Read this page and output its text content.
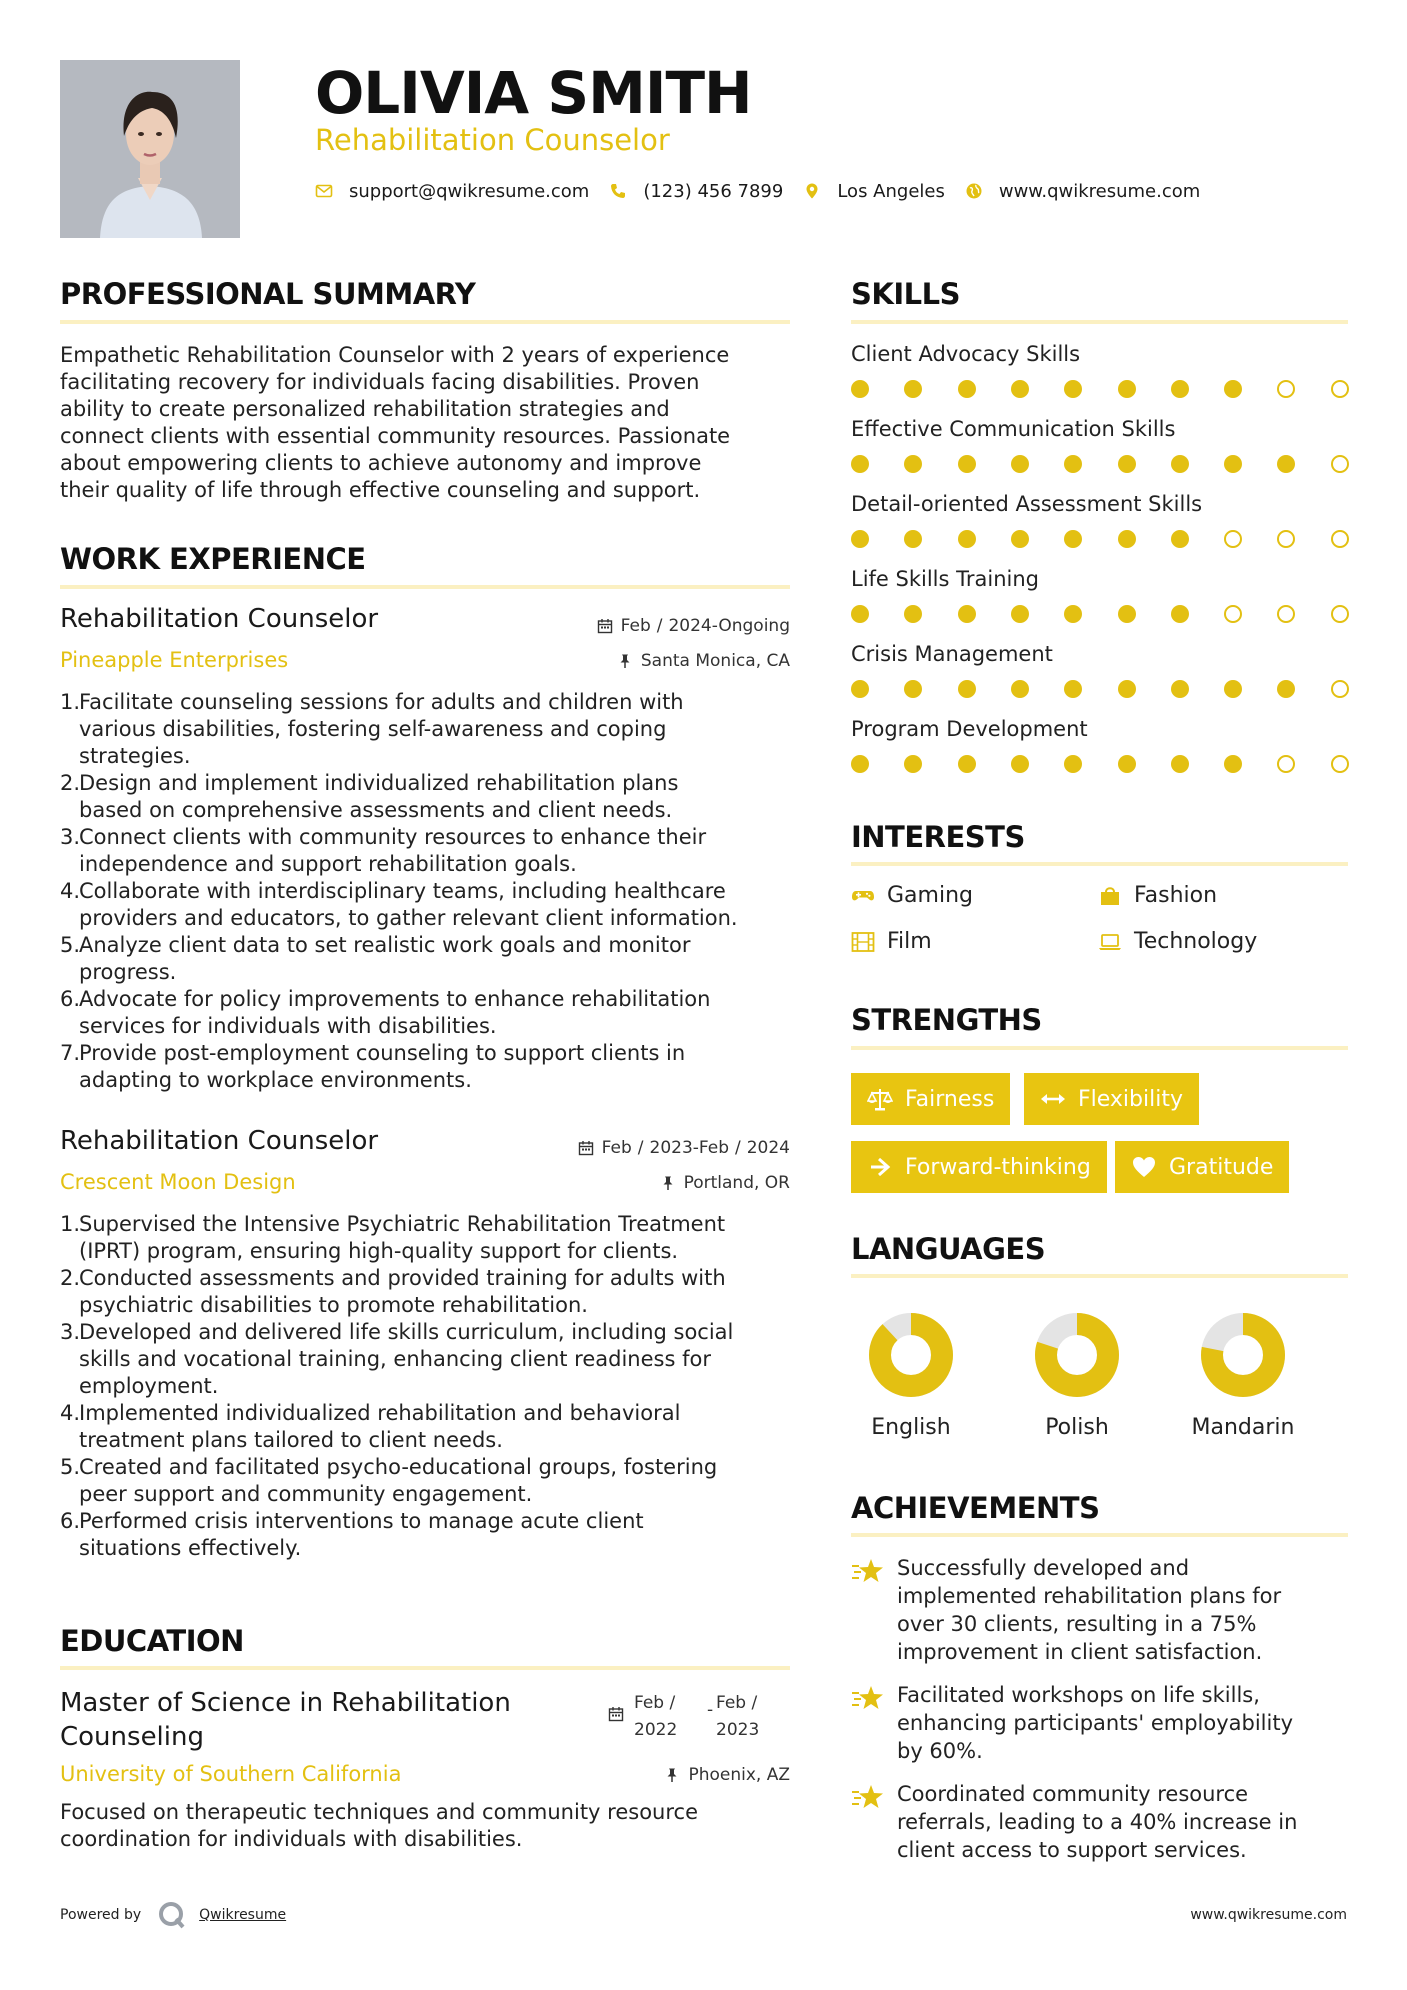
OLIVIA SMITH
Rehabilitation Counselor
support@qwikresume.com	(123) 456 7899	Los Angeles	www.qwikresume.com
PROFESSIONAL SUMMARY
Empathetic Rehabilitation Counselor with 2 years of experience
facilitating recovery for individuals facing disabilities. Proven
ability to create personalized rehabilitation strategies and
connect clients with essential community resources. Passionate
about empowering clients to achieve autonomy and improve
their quality of life through effective counseling and support.
WORK EXPERIENCE
Rehabilitation Counselor	Feb / 2024-Ongoing
Pineapple Enterprises	Santa Monica, CA
1.
Facilitate counseling sessions for adults and children with
various disabilities, fostering self-awareness and coping
strategies.
2.
Design and implement individualized rehabilitation plans
based on comprehensive assessments and client needs.
3.
Connect clients with community resources to enhance their
independence and support rehabilitation goals.
4.
Collaborate with interdisciplinary teams, including healthcare
providers and educators, to gather relevant client information.
5.
Analyze client data to set realistic work goals and monitor
progress.
6.
Advocate for policy improvements to enhance rehabilitation
services for individuals with disabilities.
7.
Provide post-employment counseling to support clients in
adapting to workplace environments.
Rehabilitation Counselor	Feb / 2023-Feb / 2024
Crescent Moon Design	Portland, OR
1.
Supervised the Intensive Psychiatric Rehabilitation Treatment
(IPRT) program, ensuring high-quality support for clients.
2.
Conducted assessments and provided training for adults with
psychiatric disabilities to promote rehabilitation.
3.
Developed and delivered life skills curriculum, including social
skills and vocational training, enhancing client readiness for
employment.
4.
Implemented individualized rehabilitation and behavioral
treatment plans tailored to client needs.
5.
Created and facilitated psycho-educational groups, fostering
peer support and community engagement.
6.
Performed crisis interventions to manage acute client
situations effectively.
EDUCATION
Master of Science in Rehabilitation
Counseling
Feb /
2022
- Feb /
2023
University of Southern California	Phoenix, AZ
Focused on therapeutic techniques and community resource
coordination for individuals with disabilities.
SKILLS
Client Advocacy Skills
Effective Communication Skills
Detail-oriented Assessment Skills
Life Skills Training
Crisis Management
Program Development
INTERESTS
Gaming	Fashion
Film	Technology
STRENGTHS
Fairness	Flexibility
Forward-thinking	Gratitude
LANGUAGES
English	Polish	Mandarin
ACHIEVEMENTS
Successfully developed and
implemented rehabilitation plans for
over 30 clients, resulting in a 75%
improvement in client satisfaction.
Facilitated workshops on life skills,
enhancing participants' employability
by 60%.
Coordinated community resource
referrals, leading to a 40% increase in
client access to support services.
Powered by	Qwikresume	www.qwikresume.com
